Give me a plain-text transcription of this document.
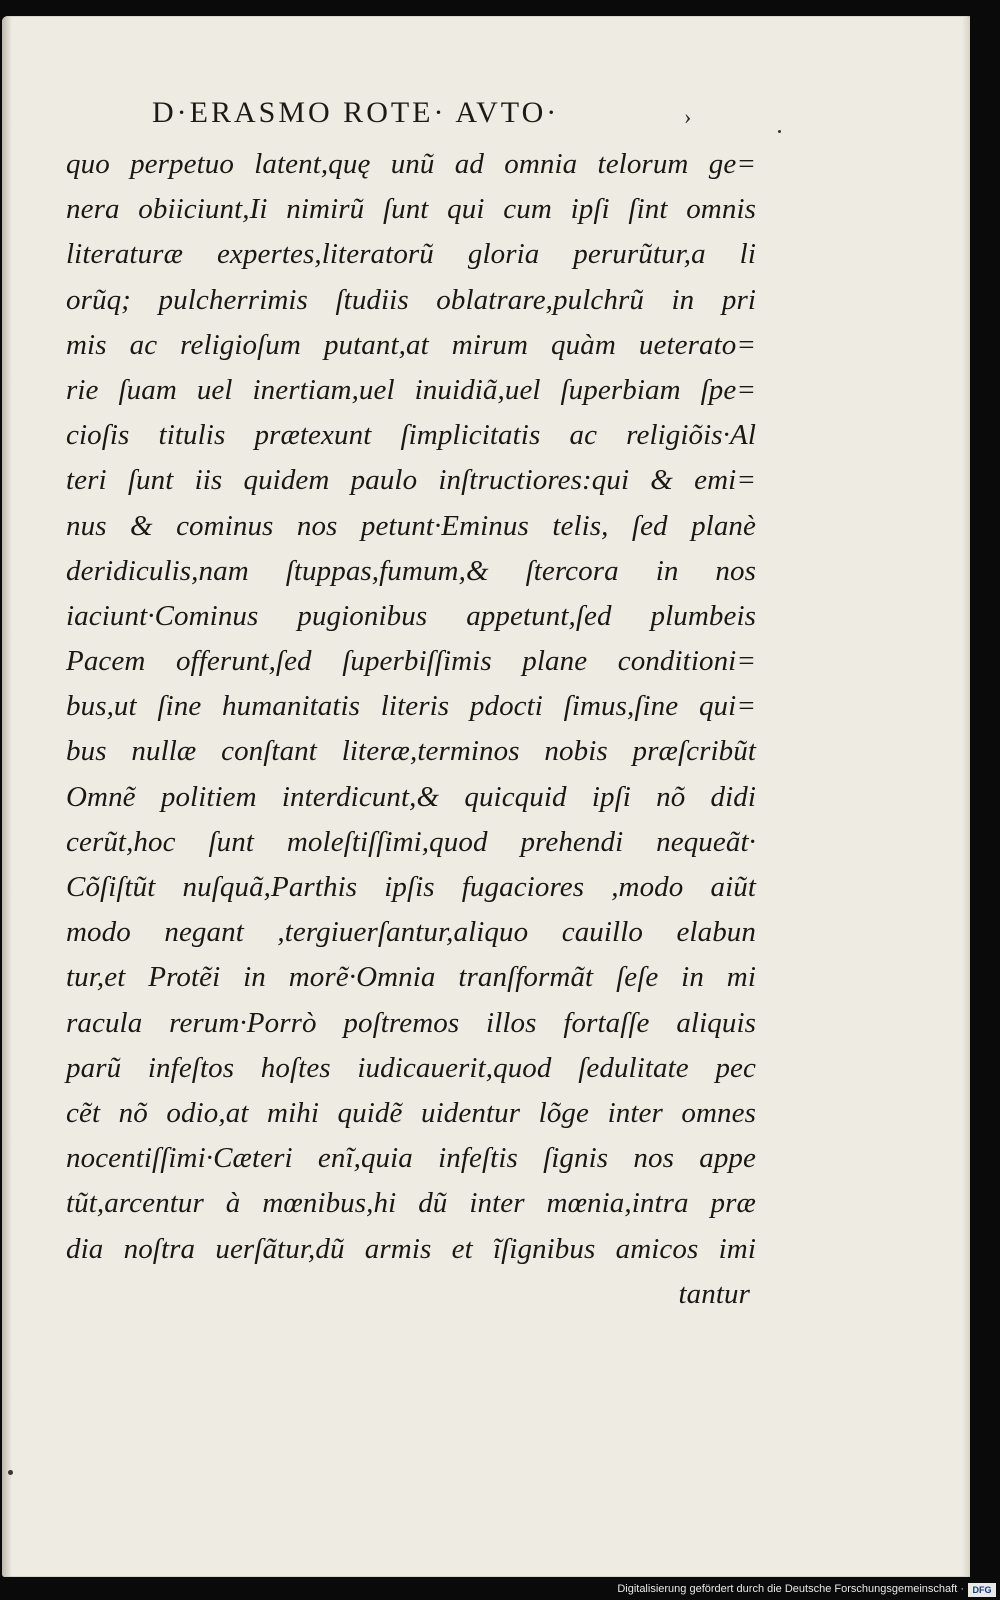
D·ERASMO ROTE· AVTO·	›
quo perpetuo latent,quę unũ ad omnia telorum ge=
nera obiiciunt,Ii nimirũ ſunt qui cum ipſi ſint omnis
literaturæ expertes,literatorũ gloria perurũtur,a li
orũq; pulcherrimis ſtudiis oblatrare,pulchrũ in pri
mis ac religioſum putant,at mirum quàm ueterato=
rie ſuam uel inertiam,uel inuidiã,uel ſuperbiam ſpe=
cioſis titulis prætexunt ſimplicitatis ac religiõis·Al
teri ſunt iis quidem paulo inſtructiores:qui & emi=
nus & cominus nos petunt·Eminus telis, ſed planè
deridiculis,nam ſtuppas,fumum,& ſtercora in nos
iaciunt·Cominus pugionibus appetunt,ſed plumbeis
Pacem offerunt,ſed ſuperbiſſimis plane conditioni=
bus,ut ſine humanitatis literis pdocti ſimus,ſine qui=
bus nullæ conſtant literæ,terminos nobis præſcribũt
Omnẽ politiem interdicunt,& quicquid ipſi nõ didi
cerũt,hoc ſunt moleſtiſſimi,quod prehendi nequeãt·
Cõſiſtũt nuſquã,Parthis ipſis fugaciores ,modo aiũt
modo negant ,tergiuerſantur,aliquo cauillo elabun
tur,et Protẽi in morẽ·Omnia tranſformãt ſeſe in mi
racula rerum·Porrò poſtremos illos fortaſſe aliquis
parũ infeſtos hoſtes iudicauerit,quod ſedulitate pec
cẽt nõ odio,at mihi quidẽ uidentur lõge inter omnes
nocentiſſimi·Cæteri enĩ,quia infeſtis ſignis nos appe
tũt,arcentur à mœnibus,hi dũ inter mœnia,intra præ
dia noſtra uerſãtur,dũ armis et ĩſignibus amicos imi
tantur
Digitalisierung gefördert durch die Deutsche Forschungsgemeinschaft · DFG
